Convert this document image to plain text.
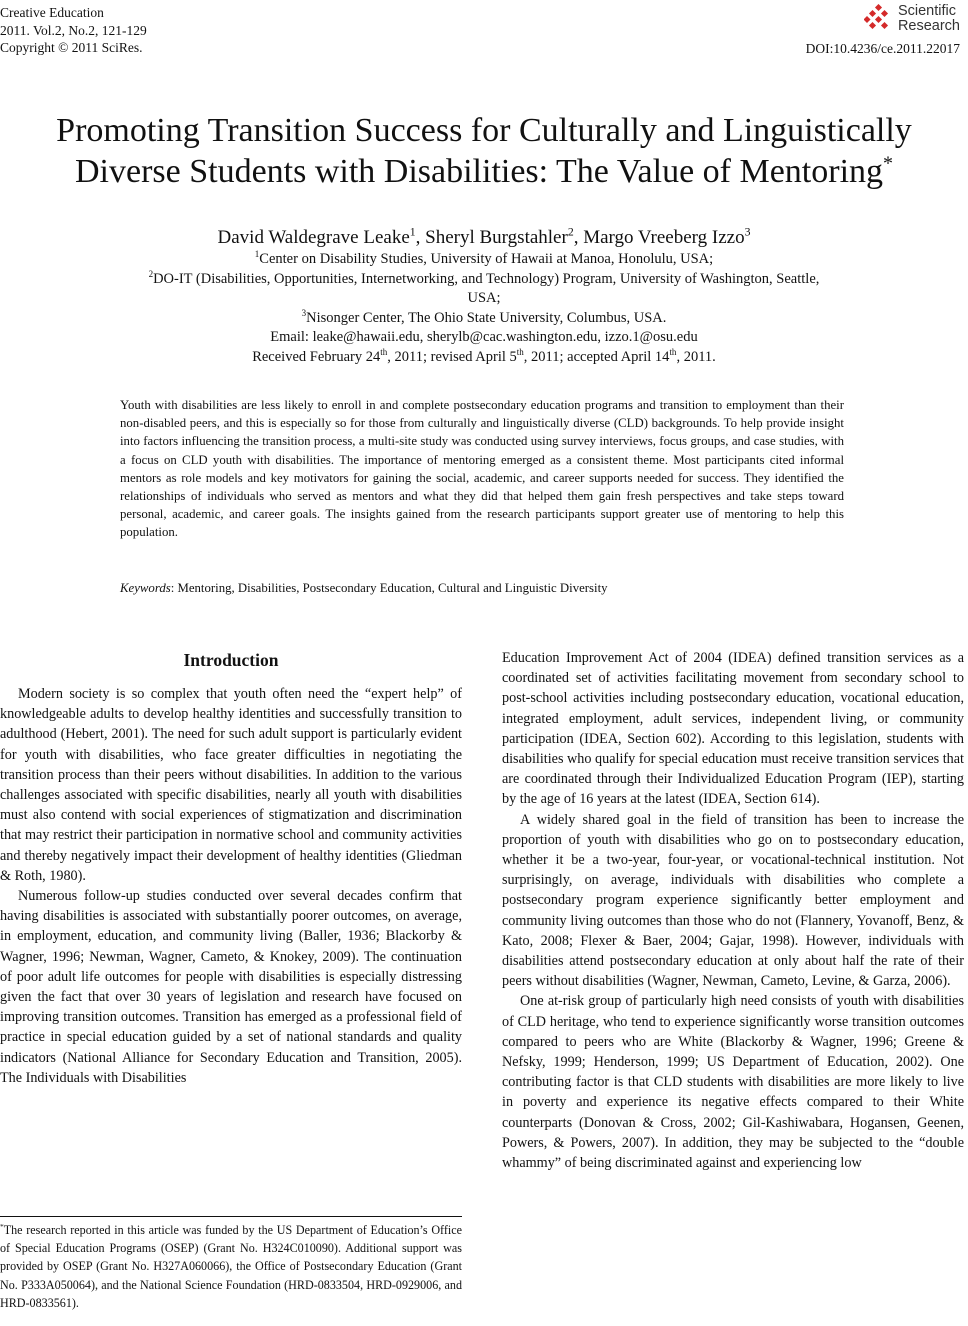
Creative Education
2011. Vol.2, No.2, 121-129
Copyright © 2011 SciRes.
Scientific
Research
DOI:10.4236/ce.2011.22017
Promoting Transition Success for Culturally and Linguistically
Diverse Students with Disabilities: The Value of Mentoring*
David Waldegrave Leake$^1$, Sheryl Burgstahler$^2$, Margo Vreeberg Izzo$^3$
$^1$Center on Disability Studies, University of Hawaii at Manoa, Honolulu, USA;
$^2$DO-IT (Disabilities, Opportunities, Internetworking, and Technology) Program, University of Washington, Seattle, USA;
$^3$Nisonger Center, The Ohio State University, Columbus, USA.
Email: leake@hawaii.edu, sherylb@cac.washington.edu, izzo.1@osu.edu
Received February 24th, 2011; revised April 5th, 2011; accepted April 14th, 2011.
Youth with disabilities are less likely to enroll in and complete postsecondary education programs and transition to employment than their non-disabled peers, and this is especially so for those from culturally and linguistically diverse (CLD) backgrounds. To help provide insight into factors influencing the transition process, a multi-site study was conducted using survey interviews, focus groups, and case studies, with a focus on CLD youth with disabilities. The importance of mentoring emerged as a consistent theme. Most participants cited informal mentors as role models and key motivators for gaining the social, academic, and career supports needed for success. They identified the relationships of individuals who served as mentors and what they did that helped them gain fresh perspectives and take steps toward personal, academic, and career goals. The insights gained from the research participants support greater use of mentoring to help this population.
Keywords: Mentoring, Disabilities, Postsecondary Education, Cultural and Linguistic Diversity
Introduction

Modern society is so complex that youth often need the “expert help” of knowledgeable adults to develop healthy identities and successfully transition to adulthood (Hebert, 2001). The need for such adult support is particularly evident for youth with disabilities, who face greater difficulties in negotiating the transition process than their peers without disabilities. In addition to the various challenges associated with specific disabilities, nearly all youth with disabilities must also contend with social experiences of stigmatization and discrimination that may restrict their participation in normative school and community activities and thereby negatively impact their development of healthy identities (Gliedman & Roth, 1980).

Numerous follow-up studies conducted over several decades confirm that having disabilities is associated with substantially poorer outcomes, on average, in employment, education, and community living (Baller, 1936; Blackorby & Wagner, 1996; Newman, Wagner, Cameto, & Knokey, 2009). The continuation of poor adult life outcomes for people with disabilities is especially distressing given the fact that over 30 years of legislation and research have focused on improving transition outcomes. Transition has emerged as a professional field of practice in special education guided by a set of national standards and quality indicators (National Alliance for Secondary Education and Transition, 2005). The Individuals with Disabilities

*The research reported in this article was funded by the US Department of Education’s Office of Special Education Programs (OSEP) (Grant No. H324C010090). Additional support was provided by OSEP (Grant No. H327A060066), the Office of Postsecondary Education (Grant No. P333A050064), and the National Science Foundation (HRD-0833504, HRD-0929006, and HRD-0833561).

Education Improvement Act of 2004 (IDEA) defined transition services as a coordinated set of activities facilitating movement from secondary school to post-school activities including postsecondary education, vocational education, integrated employment, adult services, independent living, or community participation (IDEA, Section 602). According to this legislation, students with disabilities who qualify for special education must receive transition services that are coordinated through their Individualized Education Program (IEP), starting by the age of 16 years at the latest (IDEA, Section 614).

A widely shared goal in the field of transition has been to increase the proportion of youth with disabilities who go on to postsecondary education, whether it be a two-year, four-year, or vocational-technical institution. Not surprisingly, on average, individuals with disabilities who complete a postsecondary program experience significantly better employment and community living outcomes than those who do not (Flannery, Yovanoff, Benz, & Kato, 2008; Flexer & Baer, 2004; Gajar, 1998). However, individuals with disabilities attend postsecondary education at only about half the rate of their peers without disabilities (Wagner, Newman, Cameto, Levine, & Garza, 2006).

One at-risk group of particularly high need consists of youth with disabilities of CLD heritage, who tend to experience significantly worse transition outcomes compared to peers who are White (Blackorby & Wagner, 1996; Greene & Nefsky, 1999; Henderson, 1999; US Department of Education, 2002). One contributing factor is that CLD students with disabilities are more likely to live in poverty and experience its negative effects compared to their White counterparts (Donovan & Cross, 2002; Gil-Kashiwabara, Hogansen, Geenen, Powers, & Powers, 2007). In addition, they may be subjected to the “double whammy” of being discriminated against and experiencing low
